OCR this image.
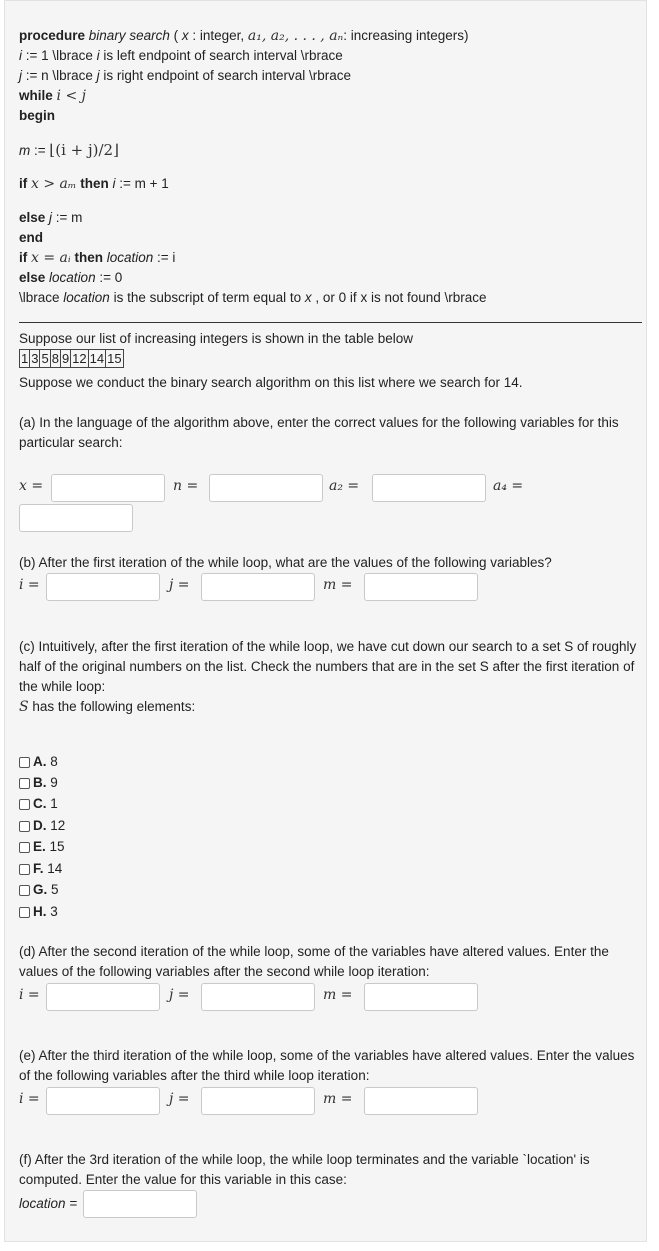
procedure binary search ( x : integer, a₁, a₂, . . . , aₙ: increasing integers)
i := 1 \lbrace i is left endpoint of search interval \rbrace
j := n \lbrace j is right endpoint of search interval \rbrace
while i < j
begin
m := ⌊(i + j)/2⌋
if x > aₘ then i := m + 1
else j := m
end
if x = aᵢ then location := i
else location := 0
\lbrace location is the subscript of term equal to x , or 0 if x is not found \rbrace
Suppose our list of increasing integers is shown in the table below
1	3	5	8	9	12	14	15
Suppose we conduct the binary search algorithm on this list where we search for 14.
(a) In the language of the algorithm above, enter the correct values for the following variables for this particular search:
x =	n =	a₂ =	a₄ =
(b) After the first iteration of the while loop, what are the values of the following variables?
i =	j =	m =
(c) Intuitively, after the first iteration of the while loop, we have cut down our search to a set S of roughly half of the original numbers on the list. Check the numbers that are in the set S after the first iteration of the while loop:
S has the following elements:
A. 8
B. 9
C. 1
D. 12
E. 15
F. 14
G. 5
H. 3
(d) After the second iteration of the while loop, some of the variables have altered values. Enter the values of the following variables after the second while loop iteration:
i =	j =	m =
(e) After the third iteration of the while loop, some of the variables have altered values. Enter the values of the following variables after the third while loop iteration:
i =	j =	m =
(f) After the 3rd iteration of the while loop, the while loop terminates and the variable `location' is computed. Enter the value for this variable in this case:
location =
